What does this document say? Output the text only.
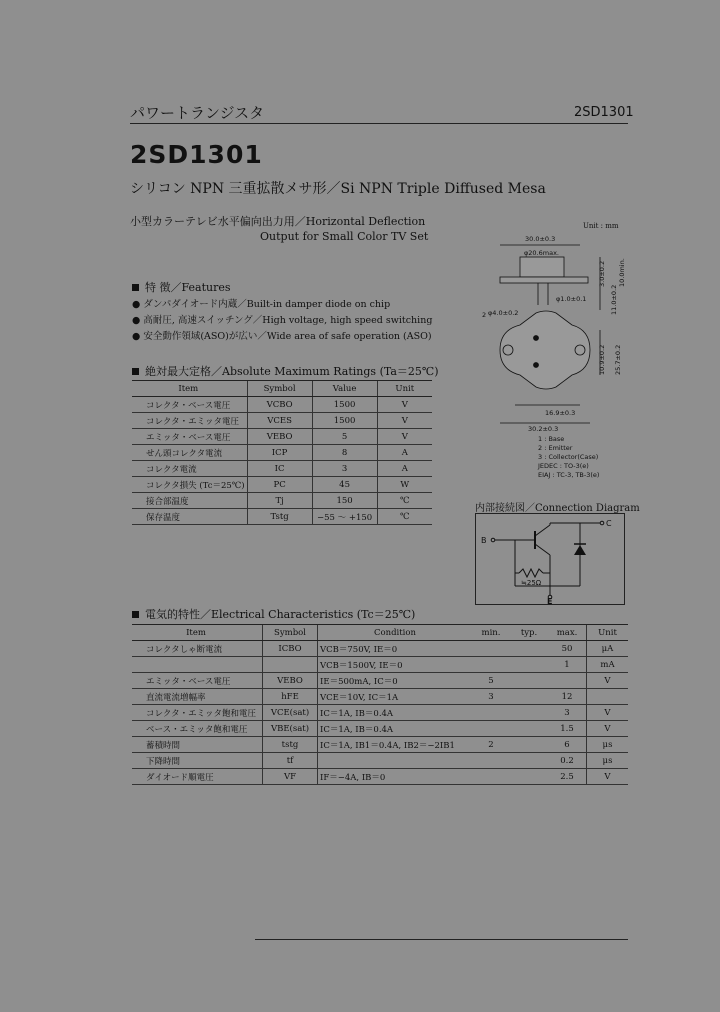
パワートランジスタ	2SD1301
2SD1301
シリコン NPN 三重拡散メサ形／Si NPN Triple Diffused Mesa
小型カラーテレビ水平偏向出力用／Horizontal Deflection
Output for Small Color TV Set
特 徴／Features
● ダンパダイオード内蔵／Built-in damper diode on chip
● 高耐圧, 高速スイッチング／High voltage, high speed switching
● 安全動作領域(ASO)が広い／Wide area of safe operation (ASO)
絶対最大定格／Absolute Maximum Ratings (Ta＝25℃)
Item	Symbol	Value	Unit
コレクタ・ベース電圧	VCBO	1500	V
コレクタ・エミッタ電圧	VCES	1500	V
エミッタ・ベース電圧	VEBO	5	V
せん頭コレクタ電流	ICP	8	A
コレクタ電流	IC	3	A
コレクタ損失 (Tc＝25℃)	PC	45	W
接合部温度	Tj	150	℃
保存温度	Tstg	−55 ～ +150	℃
Unit : mm
30.0±0.3
φ20.6max.
φ4.0±0.2
φ1.0±0.1
2
16.9±0.3
30.2±0.3
3.0±0.2
11.0±0.2
10.0min.
10.9±0.2 25.7±0.2
1 : Base
2 : Emitter
3 : Collector(Case)
JEDEC : TO-3(e)
EIAJ : TC-3, TB-3(e)
内部接続図／Connection Diagram
C
B
E
≒25Ω
電気的特性／Electrical Characteristics (Tc＝25℃)
Item	Symbol	Condition	min.	typ.	max.	Unit
コレクタしゃ断電流	ICBO	VCB＝750V, IE＝0			50	μA
		VCB＝1500V, IE＝0			1	mA
エミッタ・ベース電圧	VEBO	IE＝500mA, IC＝0	5			V
直流電流増幅率	hFE	VCE＝10V, IC＝1A	3		12	
コレクタ・エミッタ飽和電圧	VCE(sat)	IC＝1A, IB＝0.4A			3	V
ベース・エミッタ飽和電圧	VBE(sat)	IC＝1A, IB＝0.4A			1.5	V
蓄積時間	tstg	IC＝1A, IB1＝0.4A, IB2＝−2IB1	2		6	μs
下降時間	tf				0.2	μs
ダイオード順電圧	VF	IF＝−4A, IB＝0			2.5	V
